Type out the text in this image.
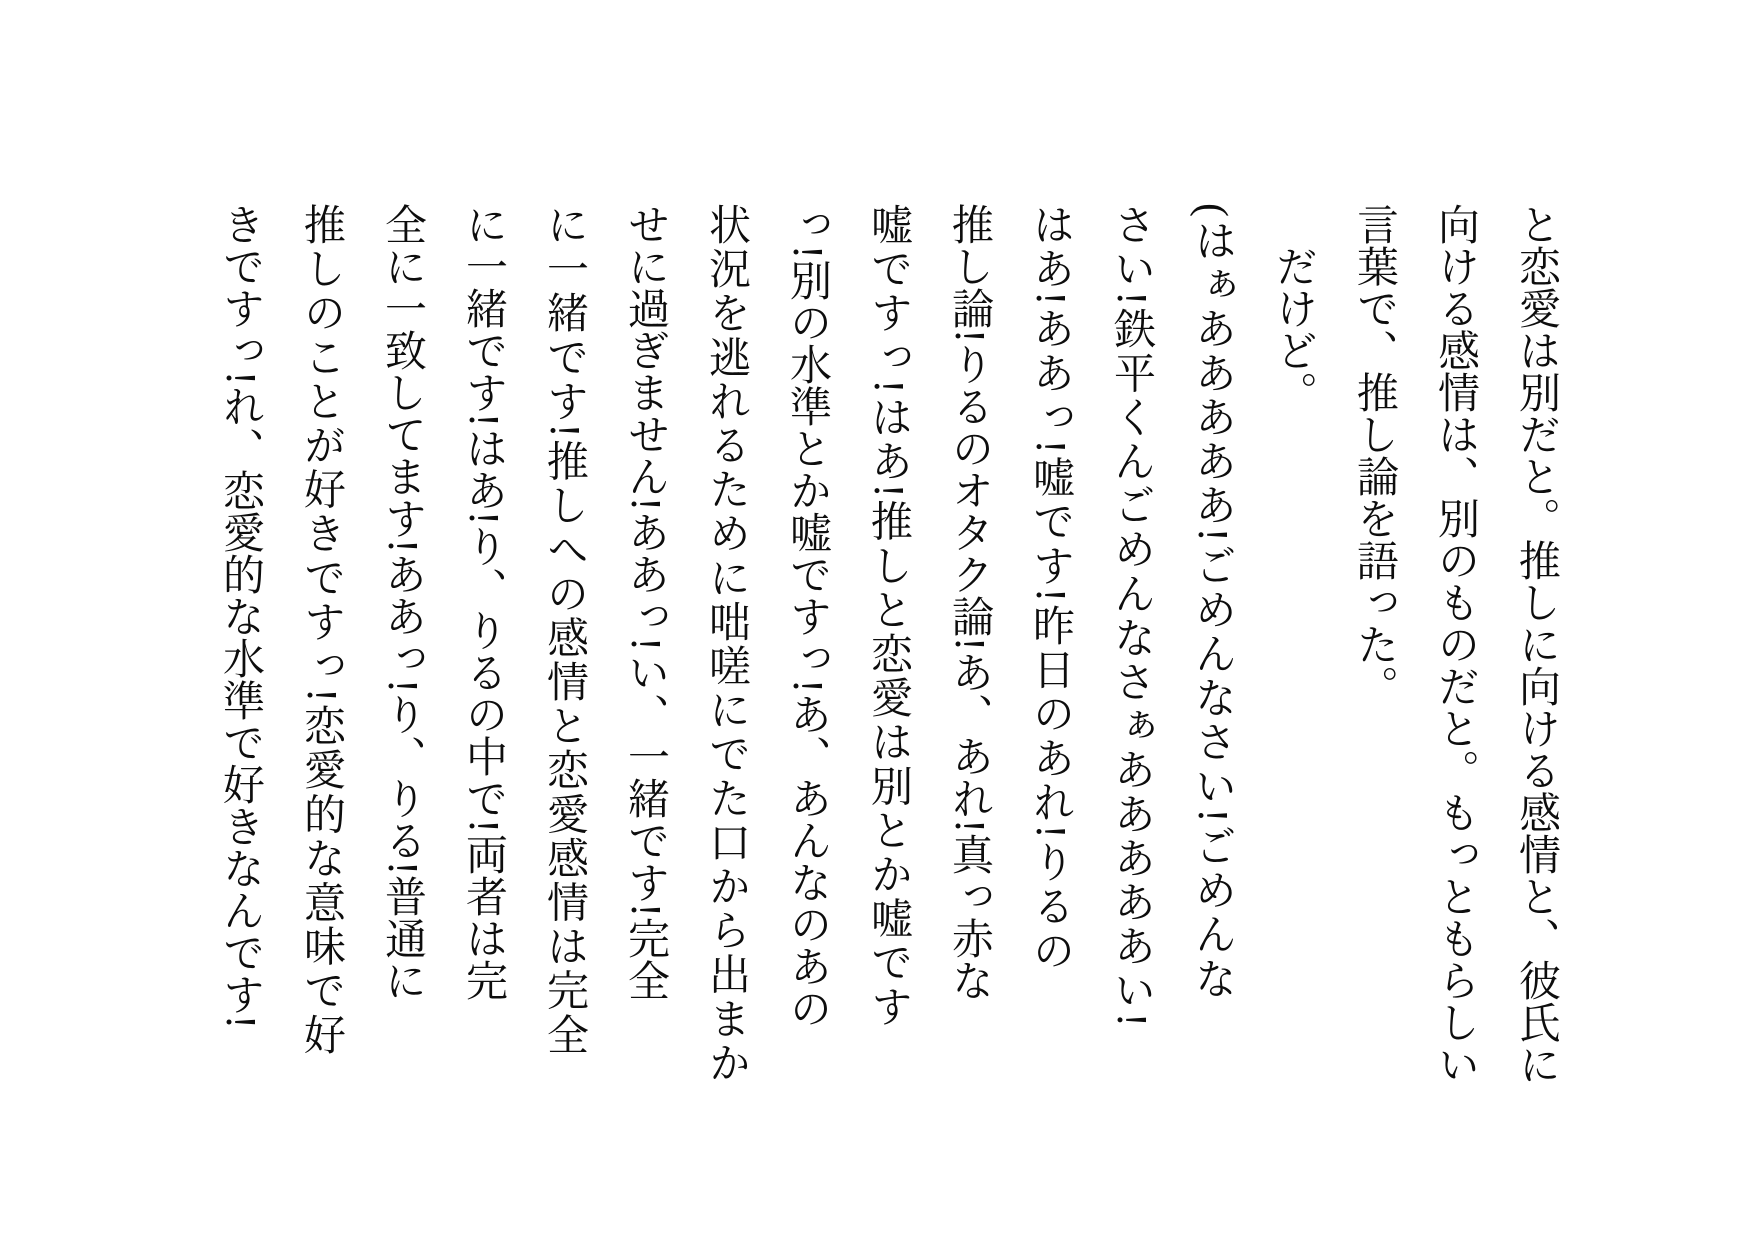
と恋愛は別だと。推しに向ける感情と、彼氏に

向ける感情は、別のものだと。もっともらしい

言葉で、推し論を語った。

だけど。

(はぁあああああ!ごめんなさい!ごめんな

さい!鉄平くんごめんなさぁあああああい!

はあ!ああっ!嘘です!昨日のあれ!りるの

推し論!りるのオタク論!あ、あれ!真っ赤な

嘘ですっ!はあ!推しと恋愛は別とか嘘です

っ!別の水準とか嘘ですっ!あ、あんなのあの

状況を逃れるために咄嗟にでた口から出まか

せに過ぎません!ああっ!い、一緒です!完全

に一緒です!推しへの感情と恋愛感情は完全

に一緒です!はあ!り、りるの中で!両者は完

全に一致してます!ああっ!り、りる!普通に

推しのことが好きですっ!恋愛的な意味で好

きですっ!れ、恋愛的な水準で好きなんです!
